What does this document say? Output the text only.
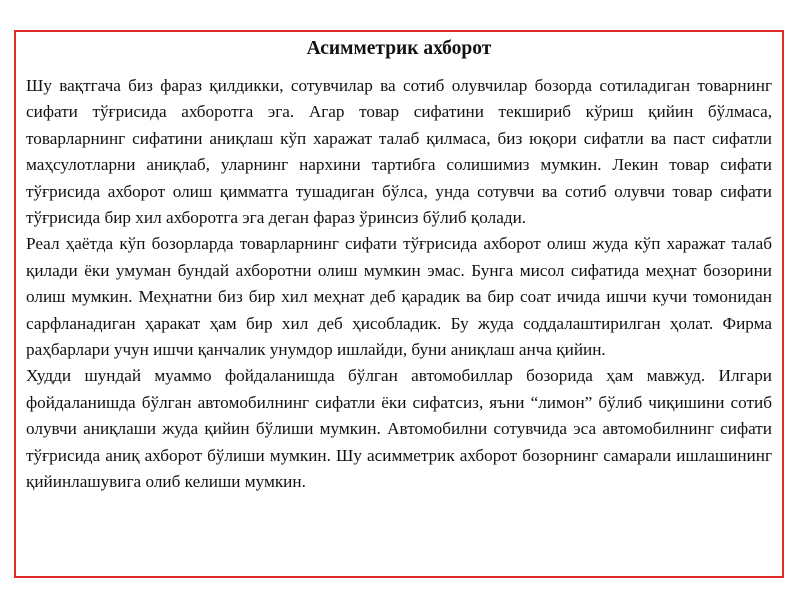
Асимметрик ахборот

Шу вақтгача биз фараз қилдикки, сотувчилар ва сотиб олувчилар бозорда сотиладиган товарнинг сифати тўғрисида ахборотга эга. Агар товар сифатини текшириб кўриш қийин бўлмаса, товарларнинг сифатини аниқлаш кўп харажат талаб қилмаса, биз юқори сифатли ва паст сифатли маҳсулотларни аниқлаб, уларнинг нархини тартибга солишимиз мумкин. Лекин товар сифати тўғрисида ахборот олиш қимматга тушадиган бўлса, унда сотувчи ва сотиб олувчи товар сифати тўғрисида бир хил ахборотга эга деган фараз ўринсиз бўлиб қолади.

Реал ҳаётда кўп бозорларда товарларнинг сифати тўғрисида ахборот олиш жуда кўп харажат талаб қилади ёки умуман бундай ахборотни олиш мумкин эмас. Бунга мисол сифатида меҳнат бозорини олиш мумкин. Меҳнатни биз бир хил меҳнат деб қарадик ва бир соат ичида ишчи кучи томонидан сарфланадиган ҳаракат ҳам бир хил деб ҳисобладик. Бу жуда соддалаштирилган ҳолат. Фирма раҳбарлари учун ишчи қанчалик унумдор ишлайди, буни аниқлаш анча қийин.

Худди шундай муаммо фойдаланишда бўлган автомобиллар бозорида ҳам мавжуд. Илгари фойдаланишда бўлган автомобилнинг сифатли ёки сифатсиз, яъни “лимон” бўлиб чиқишини сотиб олувчи аниқлаши жуда қийин бўлиши мумкин. Автомобилни сотувчида эса автомобилнинг сифати тўғрисида аниқ ахборот бўлиши мумкин. Шу асимметрик ахборот бозорнинг самарали ишлашининг қийинлашувига олиб келиши мумкин.
